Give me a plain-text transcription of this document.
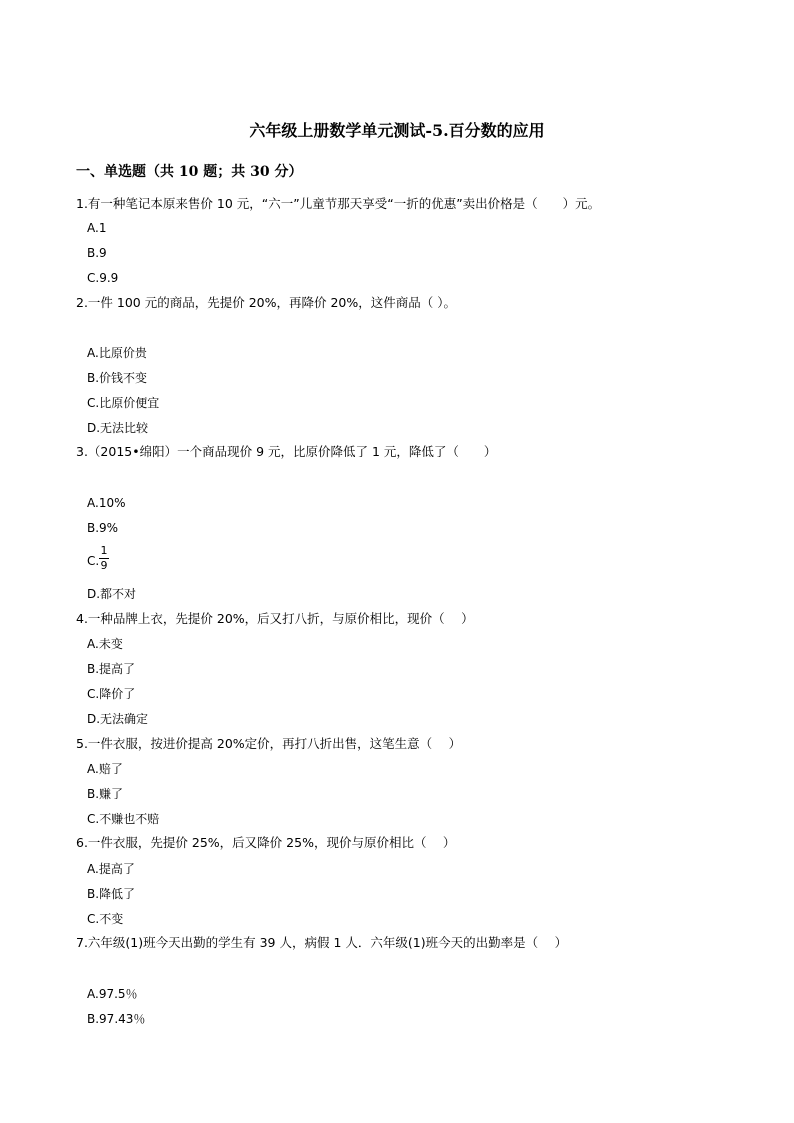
六年级上册数学单元测试-5.百分数的应用
一、单选题（共 10 题；共 30 分）
1.有一种笔记本原来售价 10 元，“六一”儿童节那天享受“一折的优惠”卖出价格是（　　）元。
A.1
B.9
C.9.9
2.一件 100 元的商品，先提价 20%，再降价 20%，这件商品（ ）。
A.比原价贵
B.价钱不变
C.比原价便宜
D.无法比较
3.（2015•绵阳）一个商品现价 9 元，比原价降低了 1 元，降低了（　　）
A.10%
B.9%
C.
1
9
D.都不对
4.一种品牌上衣，先提价 20%，后又打八折，与原价相比，现价（　 ）
A.未变
B.提高了
C.降价了
D.无法确定
5.一件衣服，按进价提高 20%定价，再打八折出售，这笔生意（　 ）
A.赔了
B.赚了
C.不赚也不赔
6.一件衣服，先提价 25%，后又降价 25%，现价与原价相比（　 ）
A.提高了
B.降低了
C.不变
7.六年级(1)班今天出勤的学生有 39 人，病假 1 人．六年级(1)班今天的出勤率是（　 ）
A.97.5％
B.97.43％
